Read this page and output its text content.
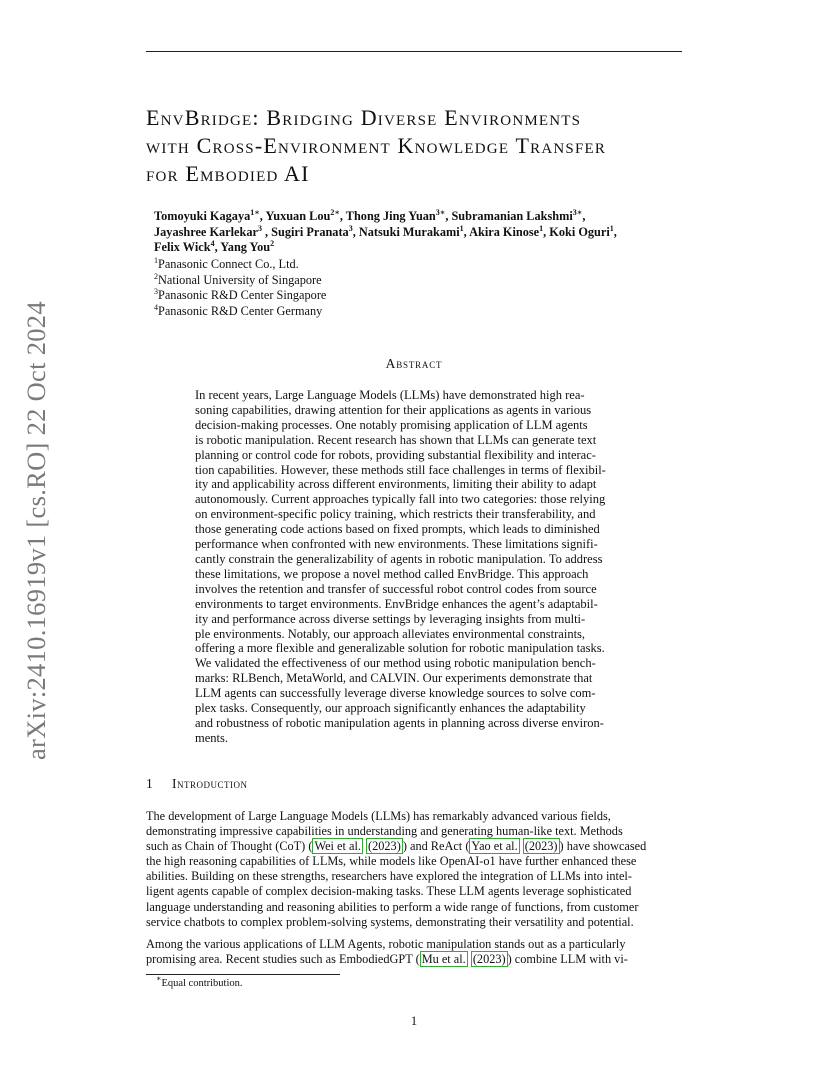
arXiv:2410.16919v1 [cs.RO] 22 Oct 2024
EnvBridge: Bridging Diverse Environments
with Cross-Environment Knowledge Transfer
for Embodied AI
Tomoyuki Kagaya$^{1∗}$, Yuxuan Lou$^{2∗}$, Thong Jing Yuan$^{3∗}$, Subramanian Lakshmi$^{3∗}$,
Jayashree Karlekar$^3$ , Sugiri Pranata$^3$, Natsuki Murakami$^1$, Akira Kinose$^1$, Koki Oguri$^1$,
Felix Wick$^4$, Yang You$^2$
$^1$Panasonic Connect Co., Ltd.
$^2$National University of Singapore
$^3$Panasonic R&D Center Singapore
$^4$Panasonic R&D Center Germany
Abstract
In recent years, Large Language Models (LLMs) have demonstrated high rea-
soning capabilities, drawing attention for their applications as agents in various
decision-making processes. One notably promising application of LLM agents
is robotic manipulation. Recent research has shown that LLMs can generate text
planning or control code for robots, providing substantial flexibility and interac-
tion capabilities. However, these methods still face challenges in terms of flexibil-
ity and applicability across different environments, limiting their ability to adapt
autonomously. Current approaches typically fall into two categories: those relying
on environment-specific policy training, which restricts their transferability, and
those generating code actions based on fixed prompts, which leads to diminished
performance when confronted with new environments. These limitations signifi-
cantly constrain the generalizability of agents in robotic manipulation. To address
these limitations, we propose a novel method called EnvBridge. This approach
involves the retention and transfer of successful robot control codes from source
environments to target environments. EnvBridge enhances the agent’s adaptabil-
ity and performance across diverse settings by leveraging insights from multi-
ple environments. Notably, our approach alleviates environmental constraints,
offering a more flexible and generalizable solution for robotic manipulation tasks.
We validated the effectiveness of our method using robotic manipulation bench-
marks: RLBench, MetaWorld, and CALVIN. Our experiments demonstrate that
LLM agents can successfully leverage diverse knowledge sources to solve com-
plex tasks. Consequently, our approach significantly enhances the adaptability
and robustness of robotic manipulation agents in planning across diverse environ-
ments.
1 Introduction
The development of Large Language Models (LLMs) has remarkably advanced various fields,
demonstrating impressive capabilities in understanding and generating human-like text. Methods
such as Chain of Thought (CoT) ( Wei et al. (2023) ) and ReAct ( Yao et al. (2023) ) have showcased
the high reasoning capabilities of LLMs, while models like OpenAI-o1 have further enhanced these
abilities. Building on these strengths, researchers have explored the integration of LLMs into intel-
ligent agents capable of complex decision-making tasks. These LLM agents leverage sophisticated
language understanding and reasoning abilities to perform a wide range of functions, from customer
service chatbots to complex problem-solving systems, demonstrating their versatility and potential.
Among the various applications of LLM Agents, robotic manipulation stands out as a particularly
promising area. Recent studies such as EmbodiedGPT ( Mu et al. (2023) ) combine LLM with vi-
∗Equal contribution.
1
